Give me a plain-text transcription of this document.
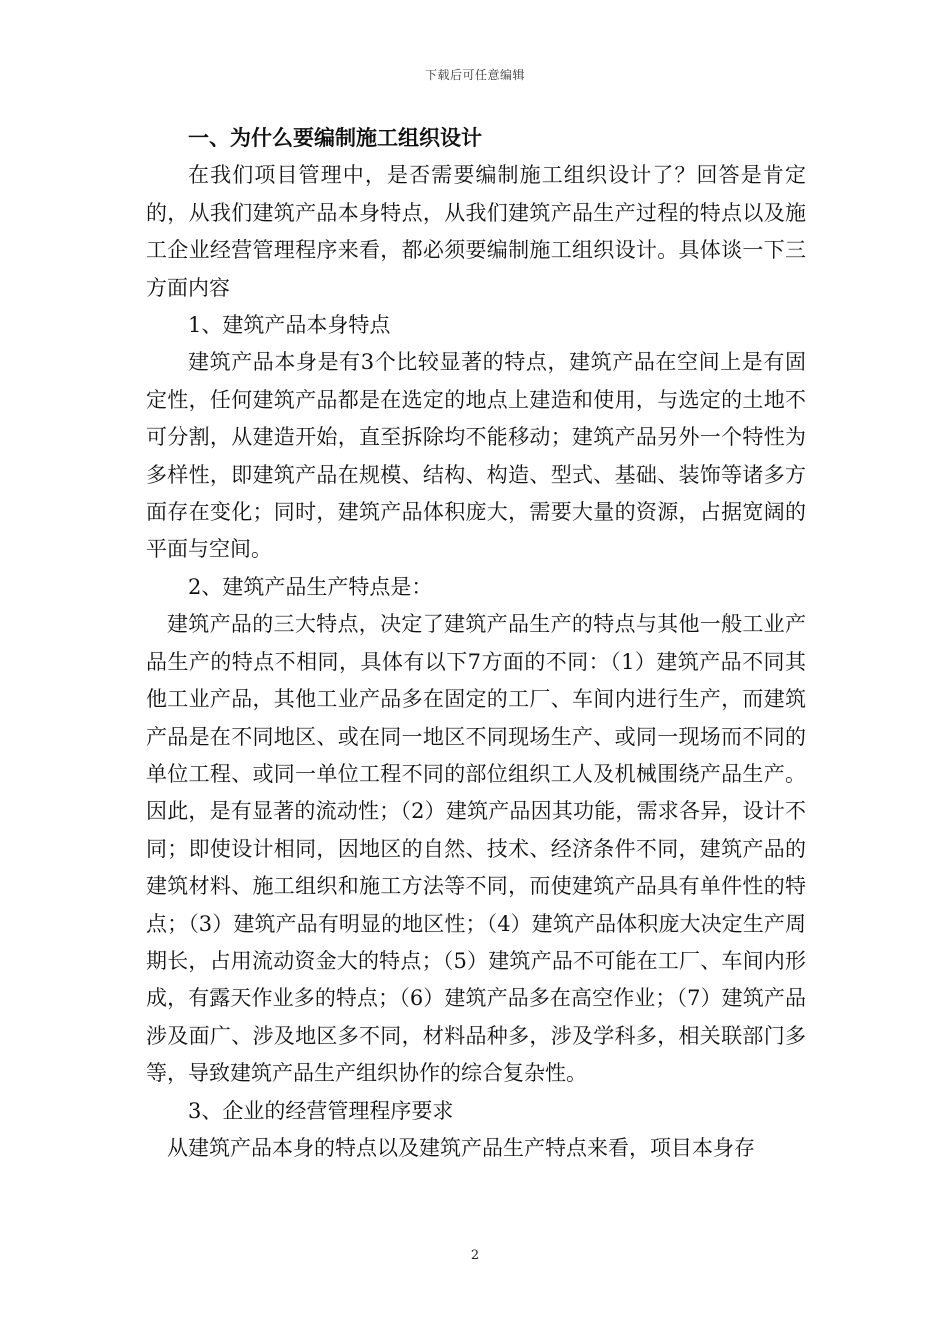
下载后可任意编辑

一、为什么要编制施工组织设计

在我们项目管理中，是否需要编制施工组织设计了？回答是肯定的，从我们建筑产品本身特点，从我们建筑产品生产过程的特点以及施工企业经营管理程序来看，都必须要编制施工组织设计。具体谈一下三方面内容

1、建筑产品本身特点

建筑产品本身是有3个比较显著的特点，建筑产品在空间上是有固定性，任何建筑产品都是在选定的地点上建造和使用，与选定的土地不可分割，从建造开始，直至拆除均不能移动；建筑产品另外一个特性为多样性，即建筑产品在规模、结构、构造、型式、基础、装饰等诸多方面存在变化；同时，建筑产品体积庞大，需要大量的资源，占据宽阔的平面与空间。

2、建筑产品生产特点是：

建筑产品的三大特点，决定了建筑产品生产的特点与其他一般工业产品生产的特点不相同，具体有以下7方面的不同：（1）建筑产品不同其他工业产品，其他工业产品多在固定的工厂、车间内进行生产，而建筑产品是在不同地区、或在同一地区不同现场生产、或同一现场而不同的单位工程、或同一单位工程不同的部位组织工人及机械围绕产品生产。因此，是有显著的流动性；（2）建筑产品因其功能，需求各异，设计不同；即使设计相同，因地区的自然、技术、经济条件不同，建筑产品的建筑材料、施工组织和施工方法等不同，而使建筑产品具有单件性的特点；（3）建筑产品有明显的地区性；（4）建筑产品体积庞大决定生产周期长，占用流动资金大的特点；（5）建筑产品不可能在工厂、车间内形成，有露天作业多的特点；（6）建筑产品多在高空作业；（7）建筑产品涉及面广、涉及地区多不同，材料品种多，涉及学科多，相关联部门多等，导致建筑产品生产组织协作的综合复杂性。

3、企业的经营管理程序要求

从建筑产品本身的特点以及建筑产品生产特点来看，项目本身存

2
